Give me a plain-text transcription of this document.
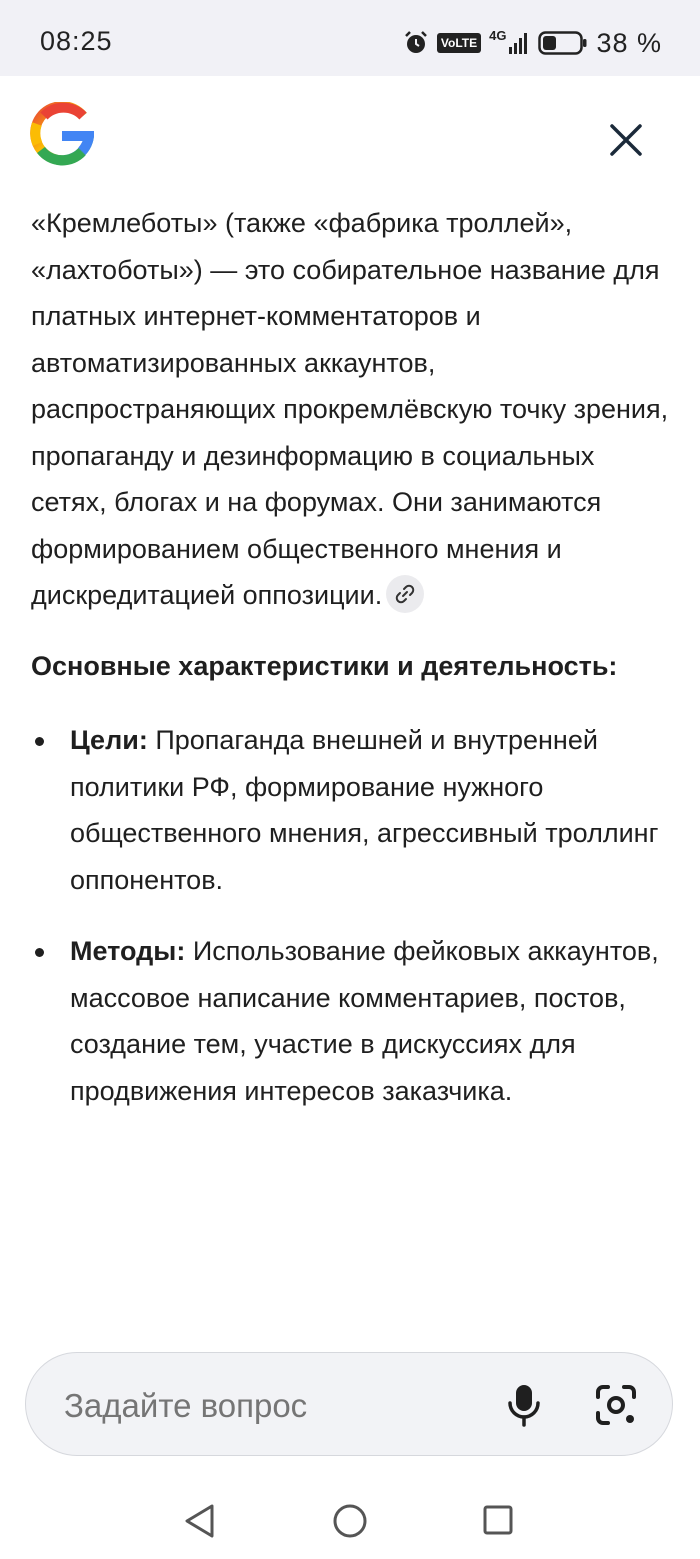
08:25	VoLTE
4G	38 %

«Кремлеботы» (также «фабрика троллей», «лахтоботы») — это собирательное название для платных интернет-комментаторов и автоматизированных аккаунтов, распространяющих прокремлёвскую точку зрения, пропаганду и дезинформацию в социальных сетях, блогах и на форумах. Они занимаются формированием общественного мнения и дискредитацией оппозиции.

Основные характеристики и деятельность:

Цели: Пропаганда внешней и внутренней политики РФ, формирование нужного общественного мнения, агрессивный троллинг оппонентов.
Методы: Использование фейковых аккаунтов, массовое написание комментариев, постов, создание тем, участие в дискуссиях для продвижения интересов заказчика.
Задайте вопрос
